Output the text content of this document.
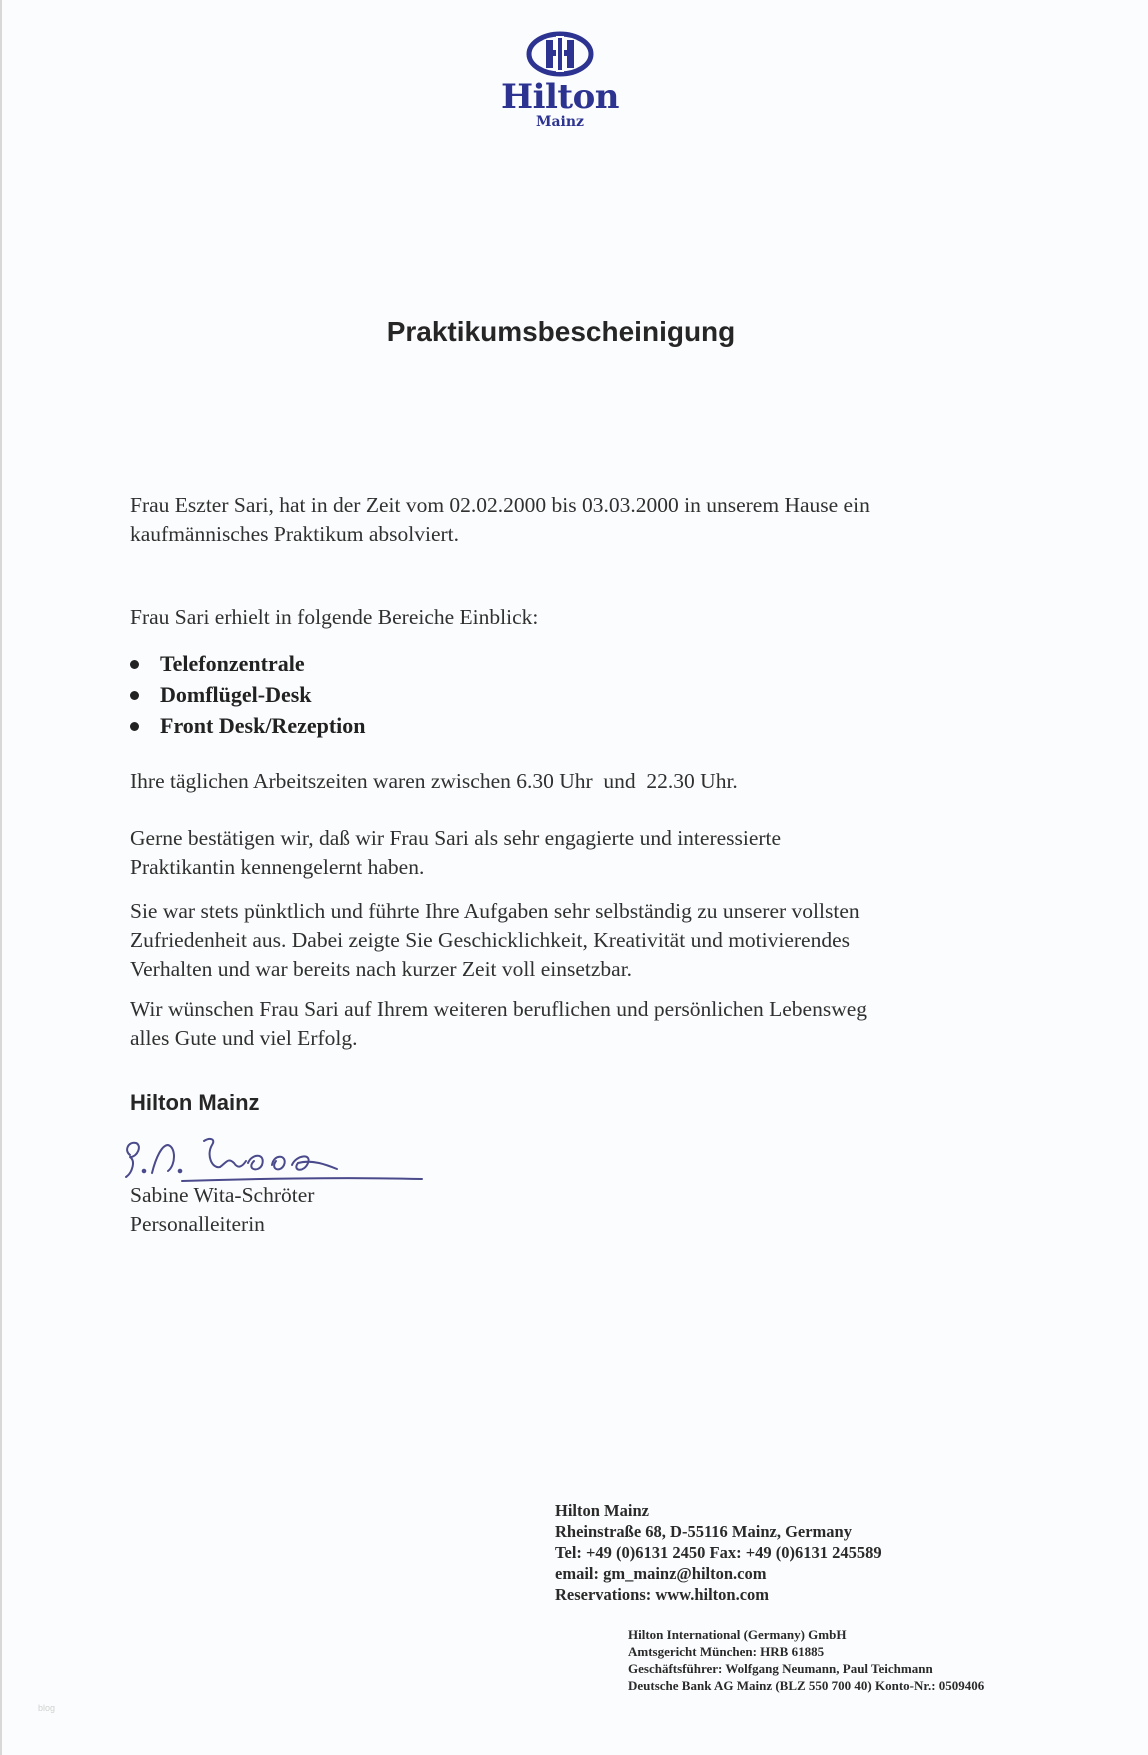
Hilton
Mainz
Praktikumsbescheinigung
Frau Eszter Sari, hat in der Zeit vom 02.02.2000 bis 03.03.2000 in unserem Hause ein
kaufmännisches Praktikum absolviert.
Frau Sari erhielt in folgende Bereiche Einblick:
Telefonzentrale
Domflügel-Desk
Front Desk/Rezeption
Ihre täglichen Arbeitszeiten waren zwischen 6.30 Uhr  und  22.30 Uhr.
Gerne bestätigen wir, daß wir Frau Sari als sehr engagierte und interessierte
Praktikantin kennengelernt haben.
Sie war stets pünktlich und führte Ihre Aufgaben sehr selbständig zu unserer vollsten
Zufriedenheit aus. Dabei zeigte Sie Geschicklichkeit, Kreativität und motivierendes
Verhalten und war bereits nach kurzer Zeit voll einsetzbar.
Wir wünschen Frau Sari auf Ihrem weiteren beruflichen und persönlichen Lebensweg
alles Gute und viel Erfolg.
Hilton Mainz
Sabine Wita-Schröter
Personalleiterin
Hilton Mainz
Rheinstraße 68, D-55116 Mainz, Germany
Tel: +49 (0)6131 2450 Fax: +49 (0)6131 245589
email: gm_mainz@hilton.com
Reservations: www.hilton.com
Hilton International (Germany) GmbH
Amtsgericht München: HRB 61885
Geschäftsführer: Wolfgang Neumann, Paul Teichmann
Deutsche Bank AG Mainz (BLZ 550 700 40) Konto-Nr.: 0509406
blog
